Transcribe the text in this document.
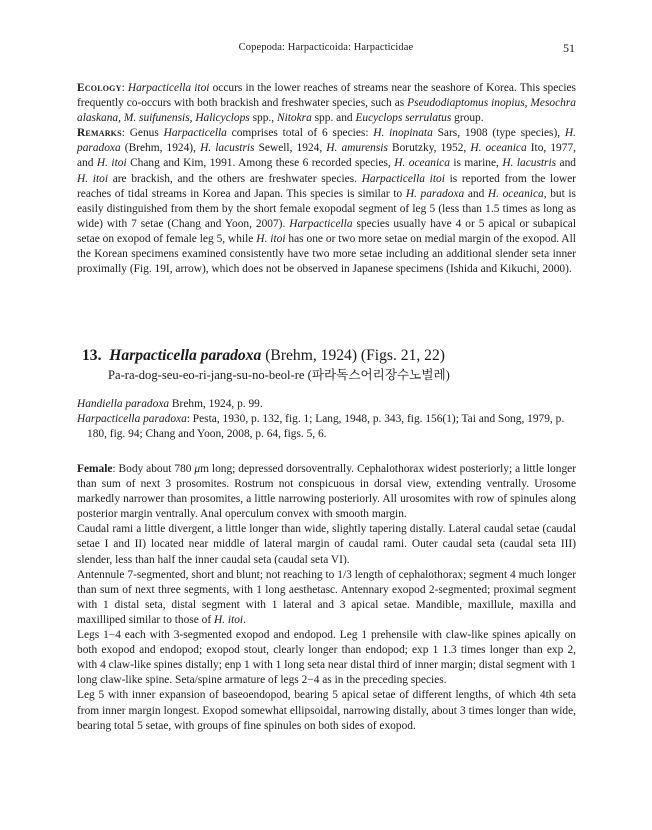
Copepoda: Harpacticoida: Harpacticidae	51

Ecology: Harpacticella itoi occurs in the lower reaches of streams near the seashore of Korea. This species frequently co-occurs with both brackish and freshwater species, such as Pseudodiaptomus inopius, Mesochra alaskana, M. suifunensis, Halicyclops spp., Nitokra spp. and Eucyclops serrulatus group.

Remarks: Genus Harpacticella comprises total of 6 species: H. inopinata Sars, 1908 (type species), H. paradoxa (Brehm, 1924), H. lacustris Sewell, 1924, H. amurensis Borutzky, 1952, H. oceanica Ito, 1977, and H. itoi Chang and Kim, 1991. Among these 6 recorded species, H. oceanica is marine, H. lacustris and H. itoi are brackish, and the others are freshwater species. Harpacticella itoi is reported from the lower reaches of tidal streams in Korea and Japan. This species is similar to H. paradoxa and H. oceanica, but is easily distinguished from them by the short female exopodal segment of leg 5 (less than 1.5 times as long as wide) with 7 setae (Chang and Yoon, 2007). Harpacticella species usually have 4 or 5 apical or subapical setae on exopod of female leg 5, while H. itoi has one or two more setae on medial margin of the exopod. All the Korean specimens examined consistently have two more setae including an additional slender seta inner proximally (Fig. 19I, arrow), which does not be observed in Japanese specimens (Ishida and Kikuchi, 2000).

13. Harpacticella paradoxa (Brehm, 1924) (Figs. 21, 22)
Pa-ra-dog-seu-eo-ri-jang-su-no-beol-re (파라독스어리장수노벌레)

Handiella paradoxa Brehm, 1924, p. 99.

Harpacticella paradoxa: Pesta, 1930, p. 132, fig. 1; Lang, 1948, p. 343, fig. 156(1); Tai and Song, 1979, p. 180, fig. 94; Chang and Yoon, 2008, p. 64, figs. 5, 6.

Female: Body about 780 μm long; depressed dorsoventrally. Cephalothorax widest posteriorly; a little longer than sum of next 3 prosomites. Rostrum not conspicuous in dorsal view, extending ventrally. Urosome markedly narrower than prosomites, a little narrowing posteriorly. All urosomites with row of spinules along posterior margin ventrally. Anal operculum convex with smooth margin.

Caudal rami a little divergent, a little longer than wide, slightly tapering distally. Lateral caudal setae (caudal setae I and II) located near middle of lateral margin of caudal rami. Outer caudal seta (caudal seta III) slender, less than half the inner caudal seta (caudal seta VI).

Antennule 7-segmented, short and blunt; not reaching to 1/3 length of cephalothorax; segment 4 much longer than sum of next three segments, with 1 long aesthetasc. Antennary exopod 2-segmented; proximal segment with 1 distal seta, distal segment with 1 lateral and 3 apical setae. Mandible, maxillule, maxilla and maxilliped similar to those of H. itoi.

Legs 1−4 each with 3-segmented exopod and endopod. Leg 1 prehensile with claw-like spines apically on both exopod and endopod; exopod stout, clearly longer than endopod; exp 1 1.3 times longer than exp 2, with 4 claw-like spines distally; enp 1 with 1 long seta near distal third of inner margin; distal segment with 1 long claw-like spine. Seta/spine armature of legs 2−4 as in the preceding species.

Leg 5 with inner expansion of baseoendopod, bearing 5 apical setae of different lengths, of which 4th seta from inner margin longest. Exopod somewhat ellipsoidal, narrowing distally, about 3 times longer than wide, bearing total 5 setae, with groups of fine spinules on both sides of exopod.
